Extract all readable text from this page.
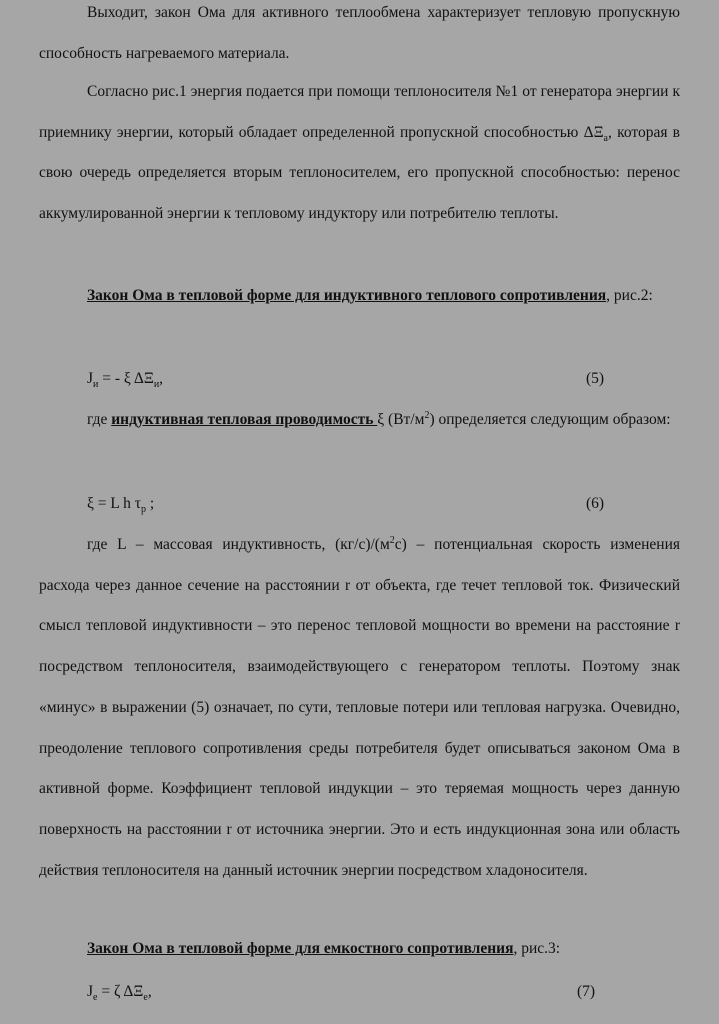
Выходит, закон Ома для активного теплообмена характеризует тепловую пропускную способность нагреваемого материала.

Согласно рис.1 энергия подается при помощи теплоносителя №1 от генератора энергии к приемнику энергии, который обладает определенной пропускной способностью $\Delta\Xi_a$, которая в свою очередь определяется вторым теплоносителем, его пропускной способностью: перенос аккумулированной энергии к тепловому индуктору или потребителю теплоты.

Закон Ома в тепловой форме для индуктивного теплового сопротивления, рис.2:

$J_и$ = - ξ $\Delta\Xi_и$,	(5)

где индуктивная тепловая проводимость ξ $(Вт/м^2)$ определяется следующим образом:

ξ = L h $\tau_р$ ;	(6)

где L – массовая индуктивность, $(кг/с)/(м^2с)$ – потенциальная скорость изменения расхода через данное сечение на расстоянии r от объекта, где течет тепловой ток. Физический смысл тепловой индуктивности – это перенос тепловой мощности во времени на расстояние r посредством теплоносителя, взаимодействующего с генератором теплоты. Поэтому знак «минус» в выражении (5) означает, по сути, тепловые потери или тепловая нагрузка. Очевидно, преодоление теплового сопротивления среды потребителя будет описываться законом Ома в активной форме. Коэффициент тепловой индукции – это теряемая мощность через данную поверхность на расстоянии r от источника энергии. Это и есть индукционная зона или область действия теплоносителя на данный источник энергии посредством хладоносителя.

Закон Ома в тепловой форме для емкостного сопротивления, рис.3:

$J_е = \zeta$ $\Delta\Xi_е$,	(7)
